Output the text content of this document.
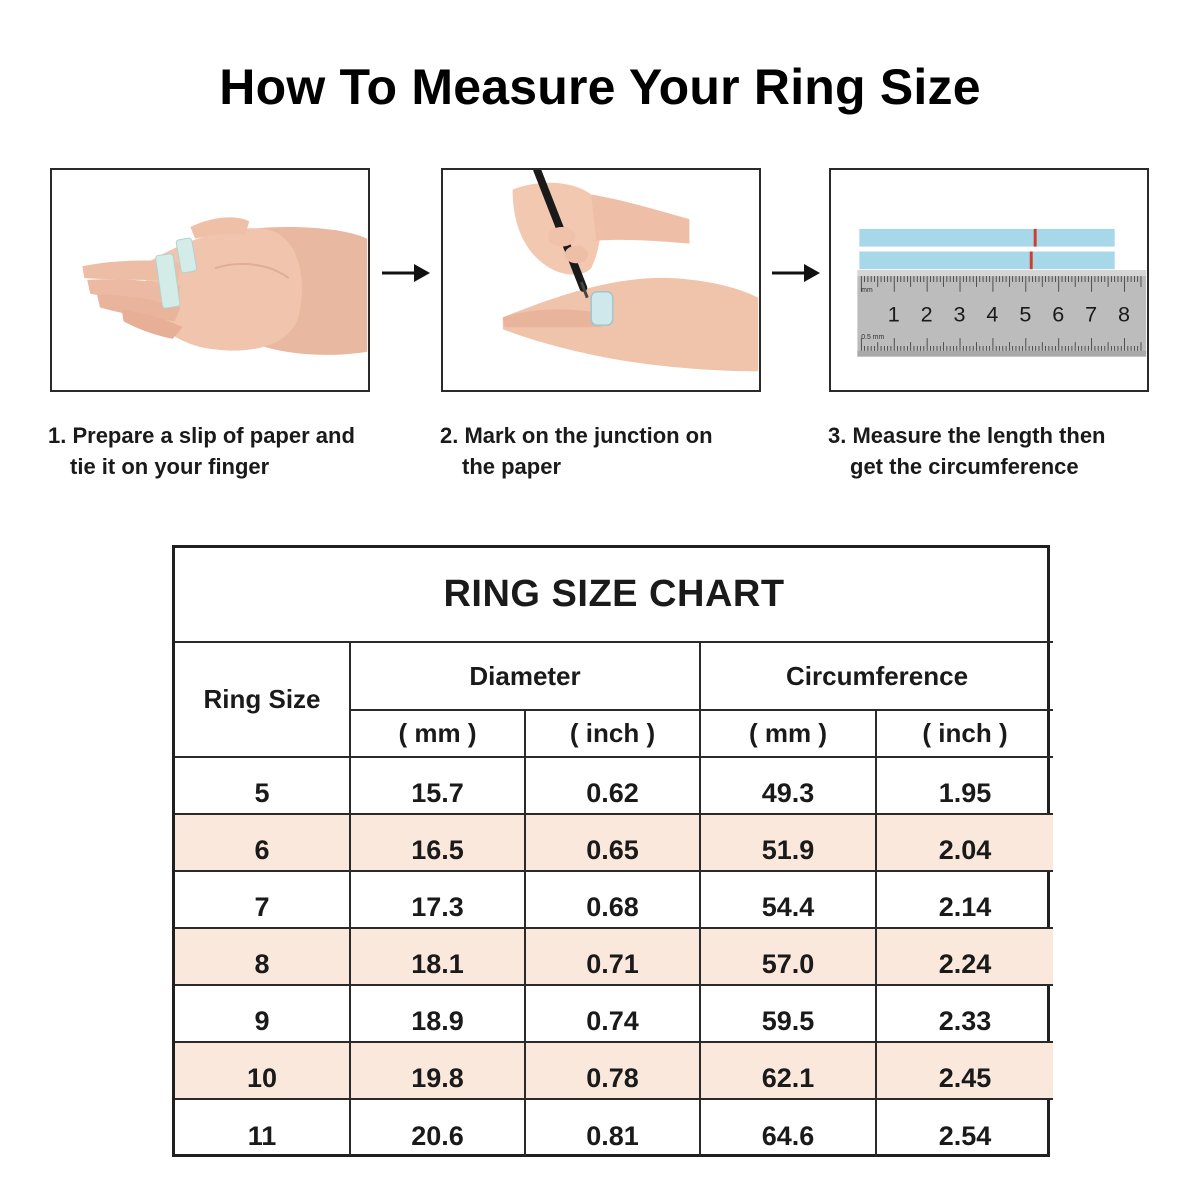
How To Measure Your Ring Size
1 2 3 4 5 6 7 8
mm
0.5 mm
1. Prepare a slip of paper and
tie it on your finger
2. Mark on the junction on
the paper
3. Measure the length then
get the circumference
RING SIZE CHART				
Ring Size	Diameter		Circumference	
	( mm )	( inch )	( mm )	( inch )
5	15.7	0.62	49.3	1.95
6	16.5	0.65	51.9	2.04
7	17.3	0.68	54.4	2.14
8	18.1	0.71	57.0	2.24
9	18.9	0.74	59.5	2.33
10	19.8	0.78	62.1	2.45
11	20.6	0.81	64.6	2.54
